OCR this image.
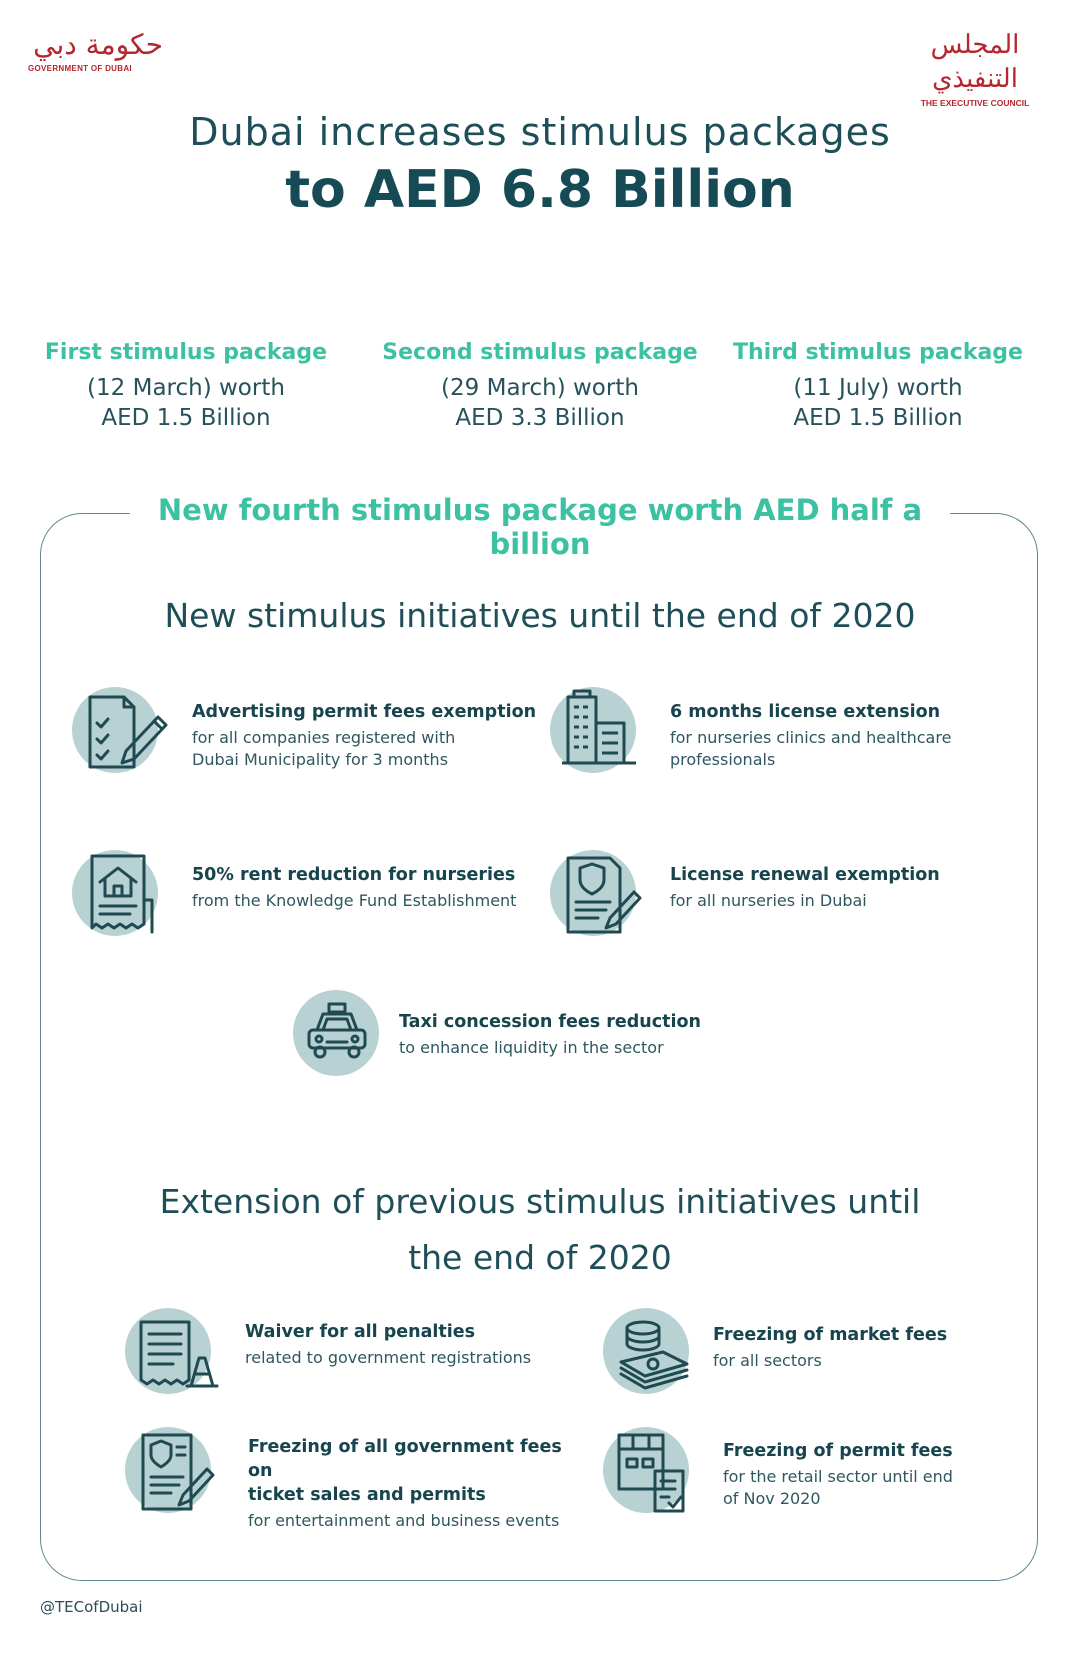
حكومة دبي
GOVERNMENT OF DUBAI
المجلس التنفيذي
THE EXECUTIVE COUNCIL
Dubai increases stimulus packages
to AED 6.8 Billion
First stimulus package
(12 March) worth
AED 1.5 Billion
Second stimulus package
(29 March) worth
AED 3.3 Billion
Third stimulus package
(11 July) worth
AED 1.5 Billion
New fourth stimulus package worth AED half a billion
New stimulus initiatives until the end of 2020
Advertising permit fees exemption
for all companies registered with
Dubai Municipality for 3 months
6 months license extension
for nurseries clinics and healthcare
professionals
50% rent reduction for nurseries
from the Knowledge Fund Establishment
License renewal exemption
for all nurseries in Dubai
Taxi concession fees reduction
to enhance liquidity in the sector
Extension of previous stimulus initiatives until
the end of 2020
Waiver for all penalties
related to government registrations
Freezing of market fees
for all sectors
Freezing of all government fees on
ticket sales and permits
for entertainment and business events
Freezing of permit fees
for the retail sector until end
of Nov 2020
@TECofDubai
